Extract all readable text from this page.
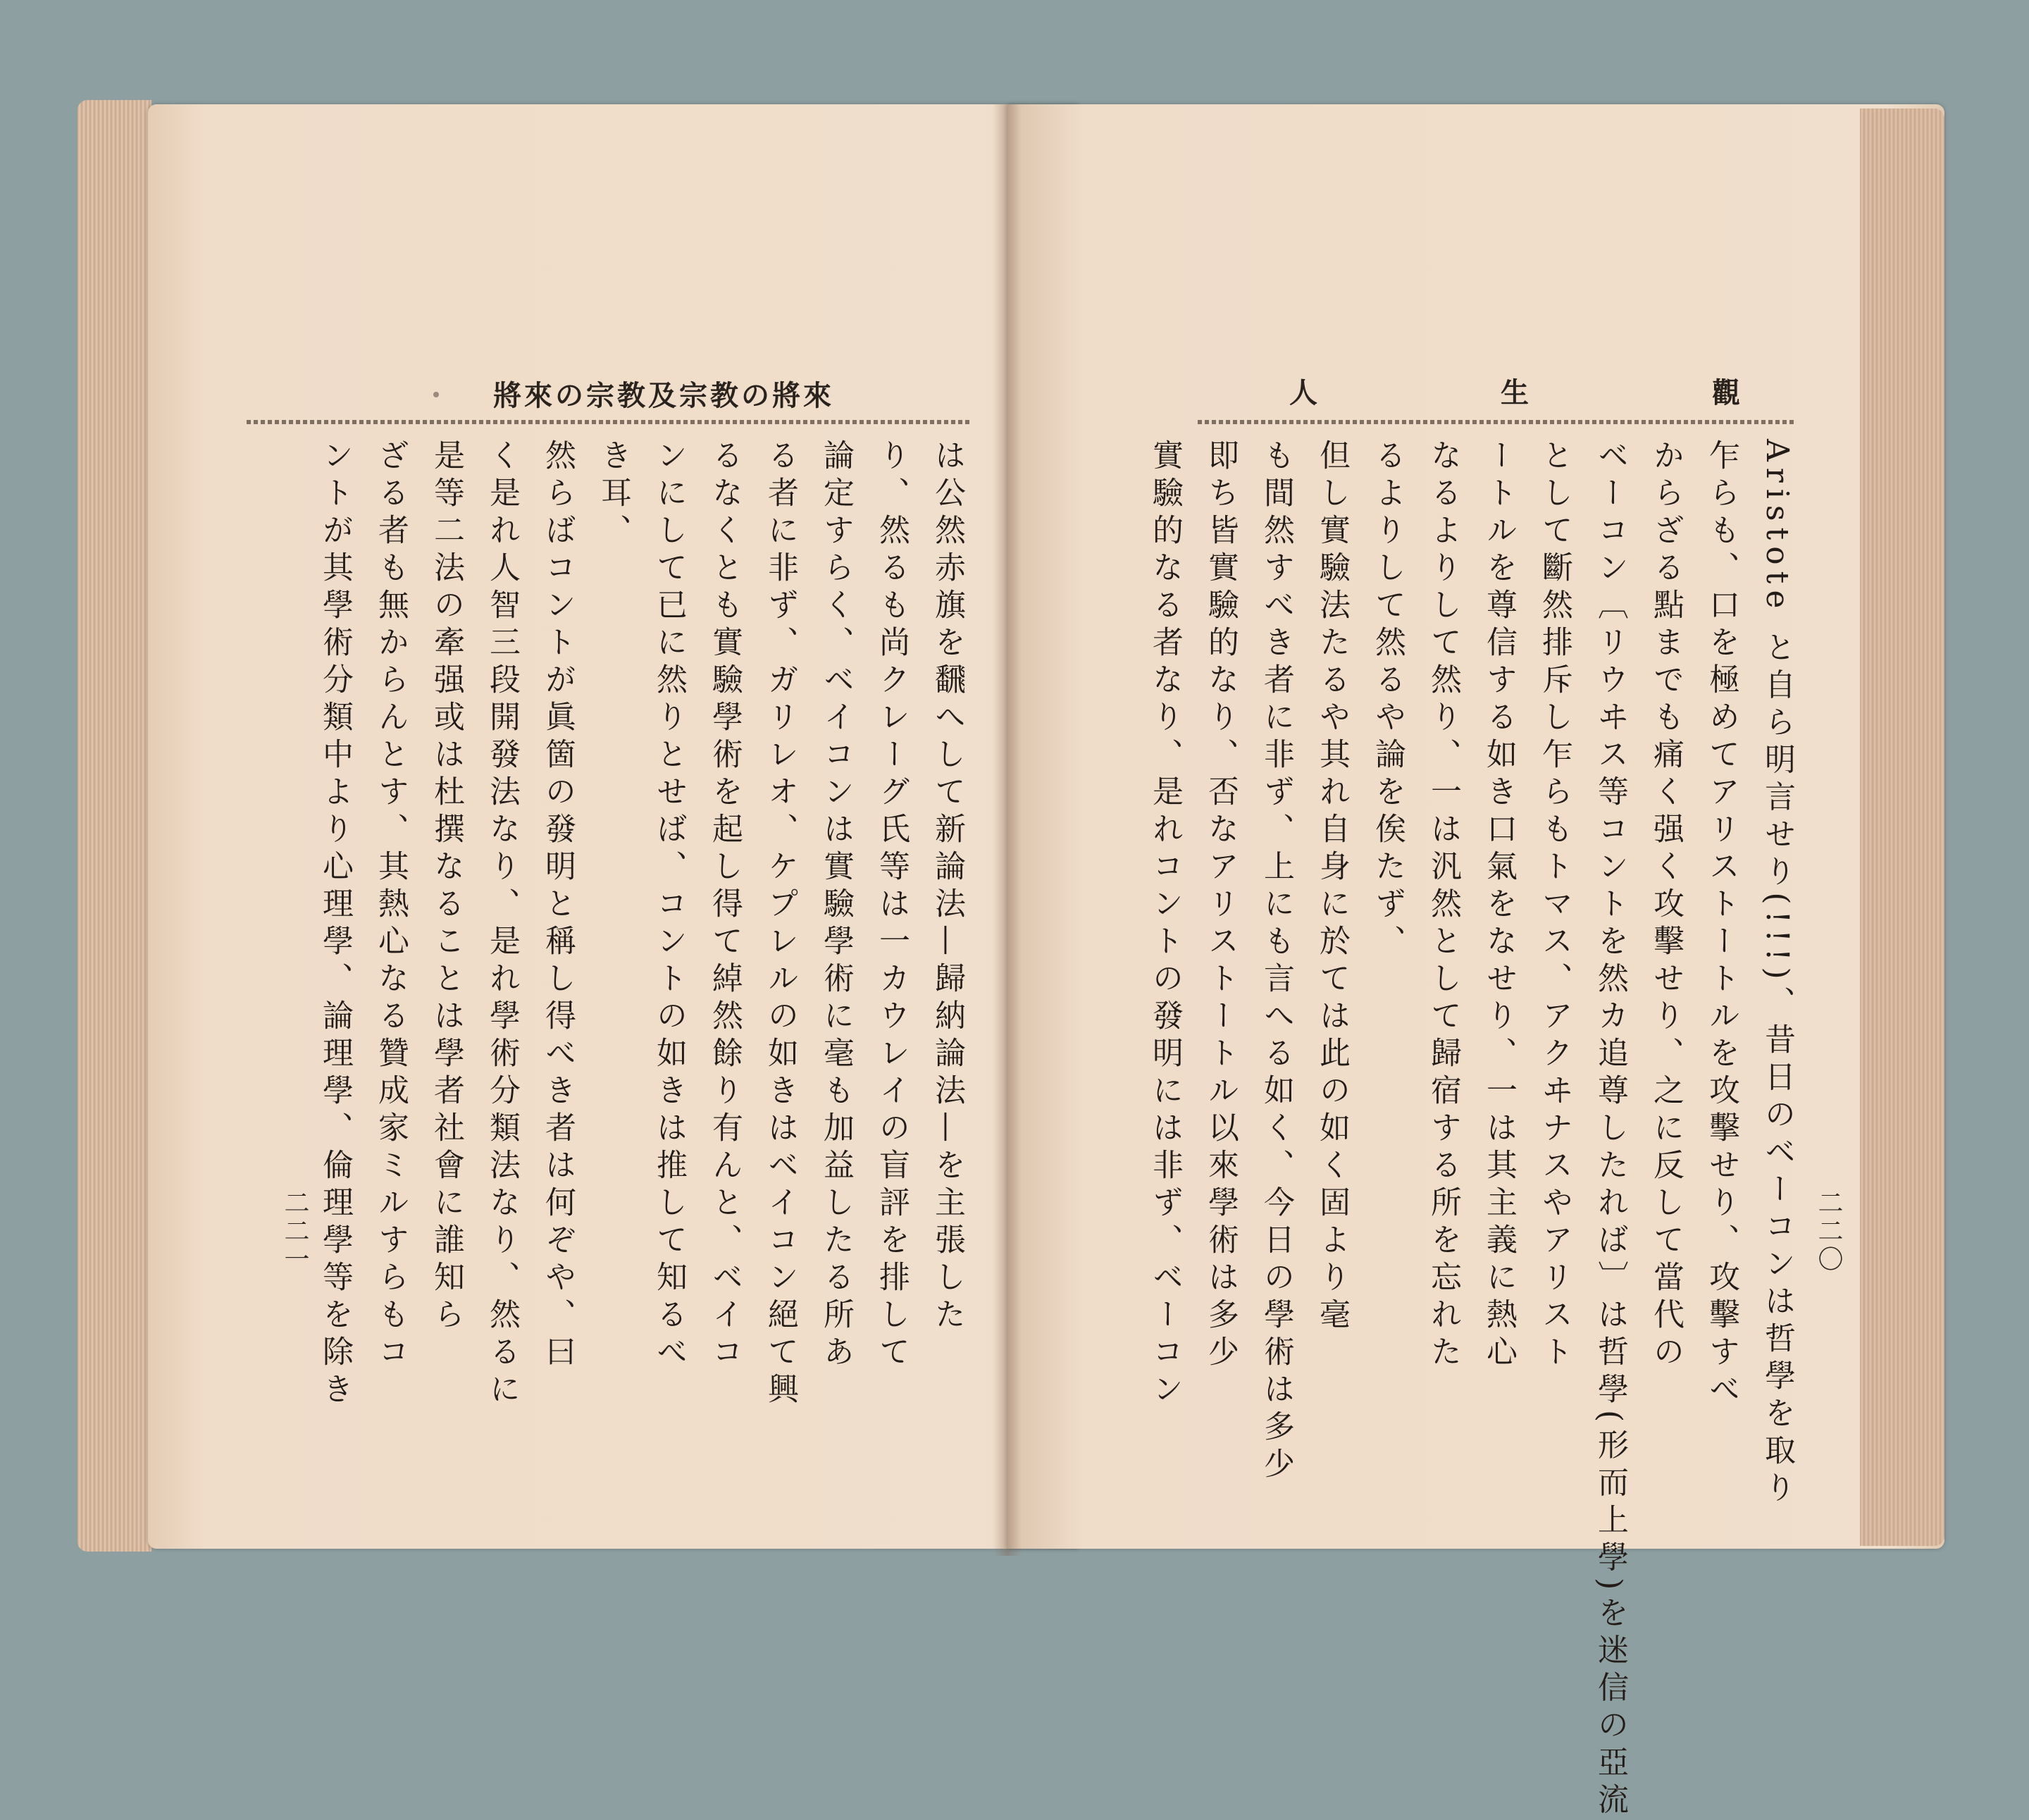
將來の宗教及宗教の將來
は公然赤旗を飜へして新論法—歸納論法—を主張した
り、然るも尚クレーグ氏等は一カウレイの盲評を排して
論定すらく、ベイコンは實驗學術に毫も加益したる所あ
る者に非ず、ガリレオ、ケプレルの如きはベイコン絕て興
るなくとも實驗學術を起し得て綽然餘り有んと、ベイコ
ンにして已に然りとせば、コントの如きは推して知るべ
き耳、
然らばコントが眞箇の發明と稱し得べき者は何ぞや、曰
く是れ人智三段開發法なり、是れ學術分類法なり、然るに
是等二法の牽强或は杜撰なることは學者社會に誰知ら
ざる者も無からんとす、其熱心なる贊成家ミルすらもコ
ントが其學術分類中より心理學、論理學、倫理學等を除き
二二一
人　生　觀
二二〇
Aristote と自ら明言せり(!!!)、昔日のベーコンは哲學を取り
乍らも、口を極めてアリストートルを攻擊せり、攻擊すべ
からざる點までも痛く强く攻擊せり、之に反して當代の
ベーコン〔リウヰス等コントを然カ追尊したれば〕は哲學(形而上學)を迷信の亞流
として斷然排斥し乍らもトマス、アクヰナスやアリスト
ートルを尊信する如き口氣をなせり、一は其主義に熱心
なるよりして然り、一は汎然として歸宿する所を忘れた
るよりして然るや論を俟たず、
但し實驗法たるや其れ自身に於ては此の如く固より毫
も間然すべき者に非ず、上にも言へる如く、今日の學術は多少
即ち皆實驗的なり、否なアリストートル以來學術は多少
實驗的なる者なり、是れコントの發明には非ず、ベーコン
